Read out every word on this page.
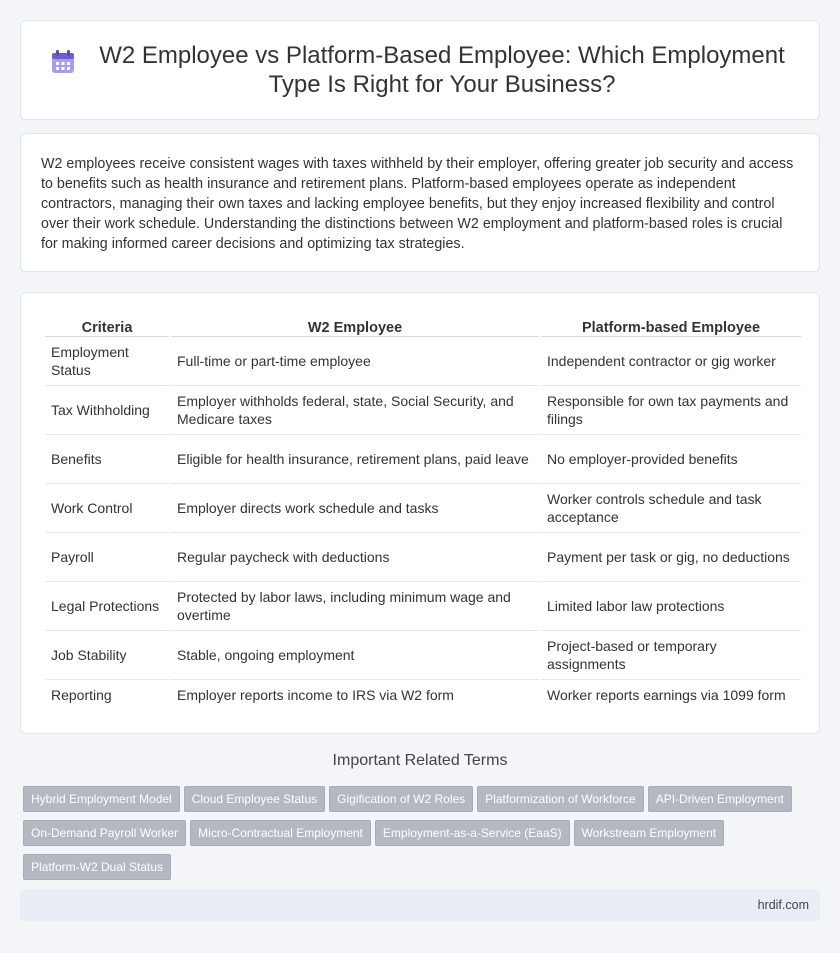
W2 Employee vs Platform-Based Employee: Which Employment Type Is Right for Your Business?

W2 employees receive consistent wages with taxes withheld by their employer, offering greater job security and access to benefits such as health insurance and retirement plans. Platform-based employees operate as independent contractors, managing their own taxes and lacking employee benefits, but they enjoy increased flexibility and control over their work schedule. Understanding the distinctions between W2 employment and platform-based roles is crucial for making informed career decisions and optimizing tax strategies.

Criteria	W2 Employee	Platform-based Employee
Employment Status	Full-time or part-time employee	Independent contractor or gig worker
Tax Withholding	Employer withholds federal, state, Social Security, and Medicare taxes	Responsible for own tax payments and filings
Benefits	Eligible for health insurance, retirement plans, paid leave	No employer-provided benefits
Work Control	Employer directs work schedule and tasks	Worker controls schedule and task acceptance
Payroll	Regular paycheck with deductions	Payment per task or gig, no deductions
Legal Protections	Protected by labor laws, including minimum wage and overtime	Limited labor law protections
Job Stability	Stable, ongoing employment	Project-based or temporary assignments
Reporting	Employer reports income to IRS via W2 form	Worker reports earnings via 1099 form
Important Related Terms
Hybrid Employment Model Cloud Employee Status Gigification of W2 Roles Platformization of Workforce API-Driven Employment
On-Demand Payroll Worker Micro-Contractual Employment Employment-as-a-Service (EaaS) Workstream Employment
Platform-W2 Dual Status
hrdif.com
